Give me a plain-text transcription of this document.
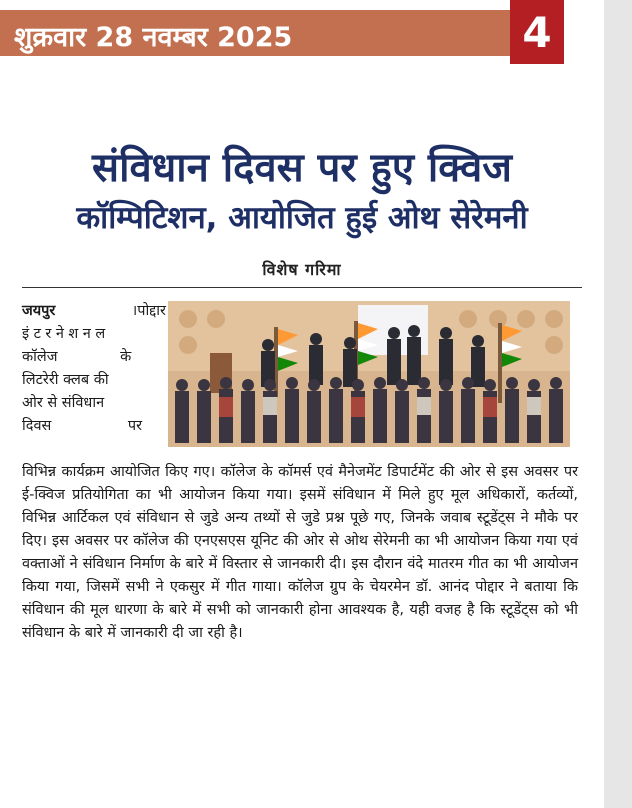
शुक्रवार 28 नवम्बर 2025	4
संविधान दिवस पर हुए क्विज
कॉम्पिटिशन, आयोजित हुई ओथ सेरेमनी
विशेष गरिमा

जयपुर	।पोद्दार

इंटरनेशनल

कॉलेज के

लिटरेरी क्लब की

ओर से संविधान

दिवस पर

विभिन्न कार्यक्रम आयोजित किए गए। कॉलेज के कॉमर्स एवं मैनेजमेंट डिपार्टमेंट की ओर से इस अवसर पर ई-क्विज प्रतियोगिता का भी आयोजन किया गया। इसमें संविधान में मिले हुए मूल अधिकारों, कर्तव्यों, विभिन्न आर्टिकल एवं संविधान से जुडे अन्य तथ्यों से जुडे प्रश्न पूछे गए, जिनके जवाब स्टूडेंट्स ने मौके पर दिए। इस अवसर पर कॉलेज की एनएसएस यूनिट की ओर से ओथ सेरेमनी का भी आयोजन किया गया एवं वक्ताओं ने संविधान निर्माण के बारे में विस्तार से जानकारी दी। इस दौरान वंदे मातरम गीत का भी आयोजन किया गया, जिसमें सभी ने एकसुर में गीत गाया। कॉलेज ग्रुप के चेयरमेन डॉ. आनंद पोद्दार ने बताया कि संविधान की मूल धारणा के बारे में सभी को जानकारी होना आवश्यक है, यही वजह है कि स्टूडेंट्स को भी संविधान के बारे में जानकारी दी जा रही है।
